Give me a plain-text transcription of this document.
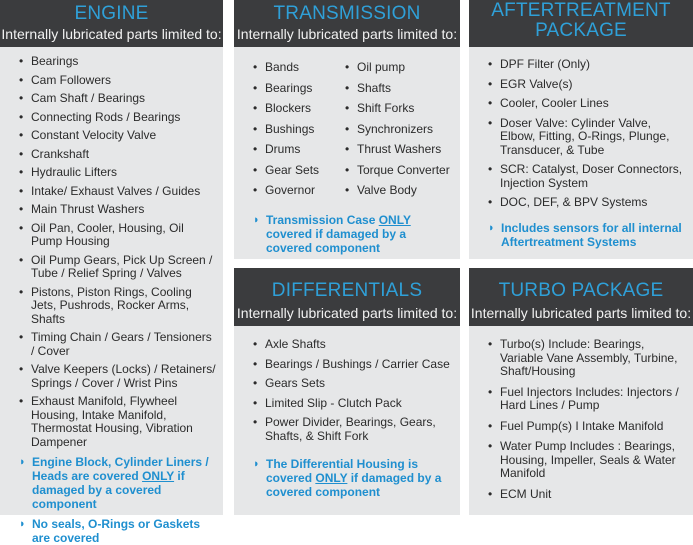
ENGINE
Internally lubricated parts limited to:
• Bearings
• Cam Followers
• Cam Shaft / Bearings
• Connecting Rods / Bearings
• Constant Velocity Valve
• Crankshaft
• Hydraulic Lifters
• Intake/ Exhaust Valves / Guides
• Main Thrust Washers
• Oil Pan, Cooler, Housing, Oil Pump Housing
• Oil Pump Gears, Pick Up Screen / Tube / Relief Spring / Valves
• Pistons, Piston Rings, Cooling Jets, Pushrods, Rocker Arms, Shafts
• Timing Chain / Gears / Tensioners / Cover
• Valve Keepers (Locks) / Retainers/ Springs / Cover / Wrist Pins
• Exhaust Manifold, Flywheel Housing, Intake Manifold, Thermostat Housing, Vibration Dampener
◗ Engine Block, Cylinder Liners / Heads are covered ONLY if damaged by a covered component
◗ No seals, O-Rings or Gaskets are covered
TRANSMISSION
Internally lubricated parts limited to:
• Bands
• Bearings
• Blockers
• Bushings
• Drums
• Gear Sets
• Governor
• Oil pump
• Shafts
• Shift Forks
• Synchronizers
• Thrust Washers
• Torque Converter
• Valve Body
◗ Transmission Case ONLY covered if damaged by a covered component
AFTERTREATMENT
PACKAGE
• DPF Filter (Only)
• EGR Valve(s)
• Cooler, Cooler Lines
• Doser Valve: Cylinder Valve, Elbow, Fitting, O-Rings, Plunge, Transducer, & Tube
• SCR: Catalyst, Doser Connectors, Injection System
• DOC, DEF, & BPV Systems
◗ Includes sensors for all internal Aftertreatment Systems
DIFFERENTIALS
Internally lubricated parts limited to:
• Axle Shafts
• Bearings / Bushings / Carrier Case
• Gears Sets
• Limited Slip - Clutch Pack
• Power Divider, Bearings, Gears, Shafts, & Shift Fork
◗ The Differential Housing is covered ONLY if damaged by a covered component
TURBO PACKAGE
Internally lubricated parts limited to:
• Turbo(s) Include: Bearings, Variable Vane Assembly, Turbine, Shaft/Housing
• Fuel Injectors Includes: Injectors / Hard Lines / Pump
• Fuel Pump(s) I Intake Manifold
• Water Pump Includes : Bearings, Housing, Impeller, Seals & Water Manifold
• ECM Unit
